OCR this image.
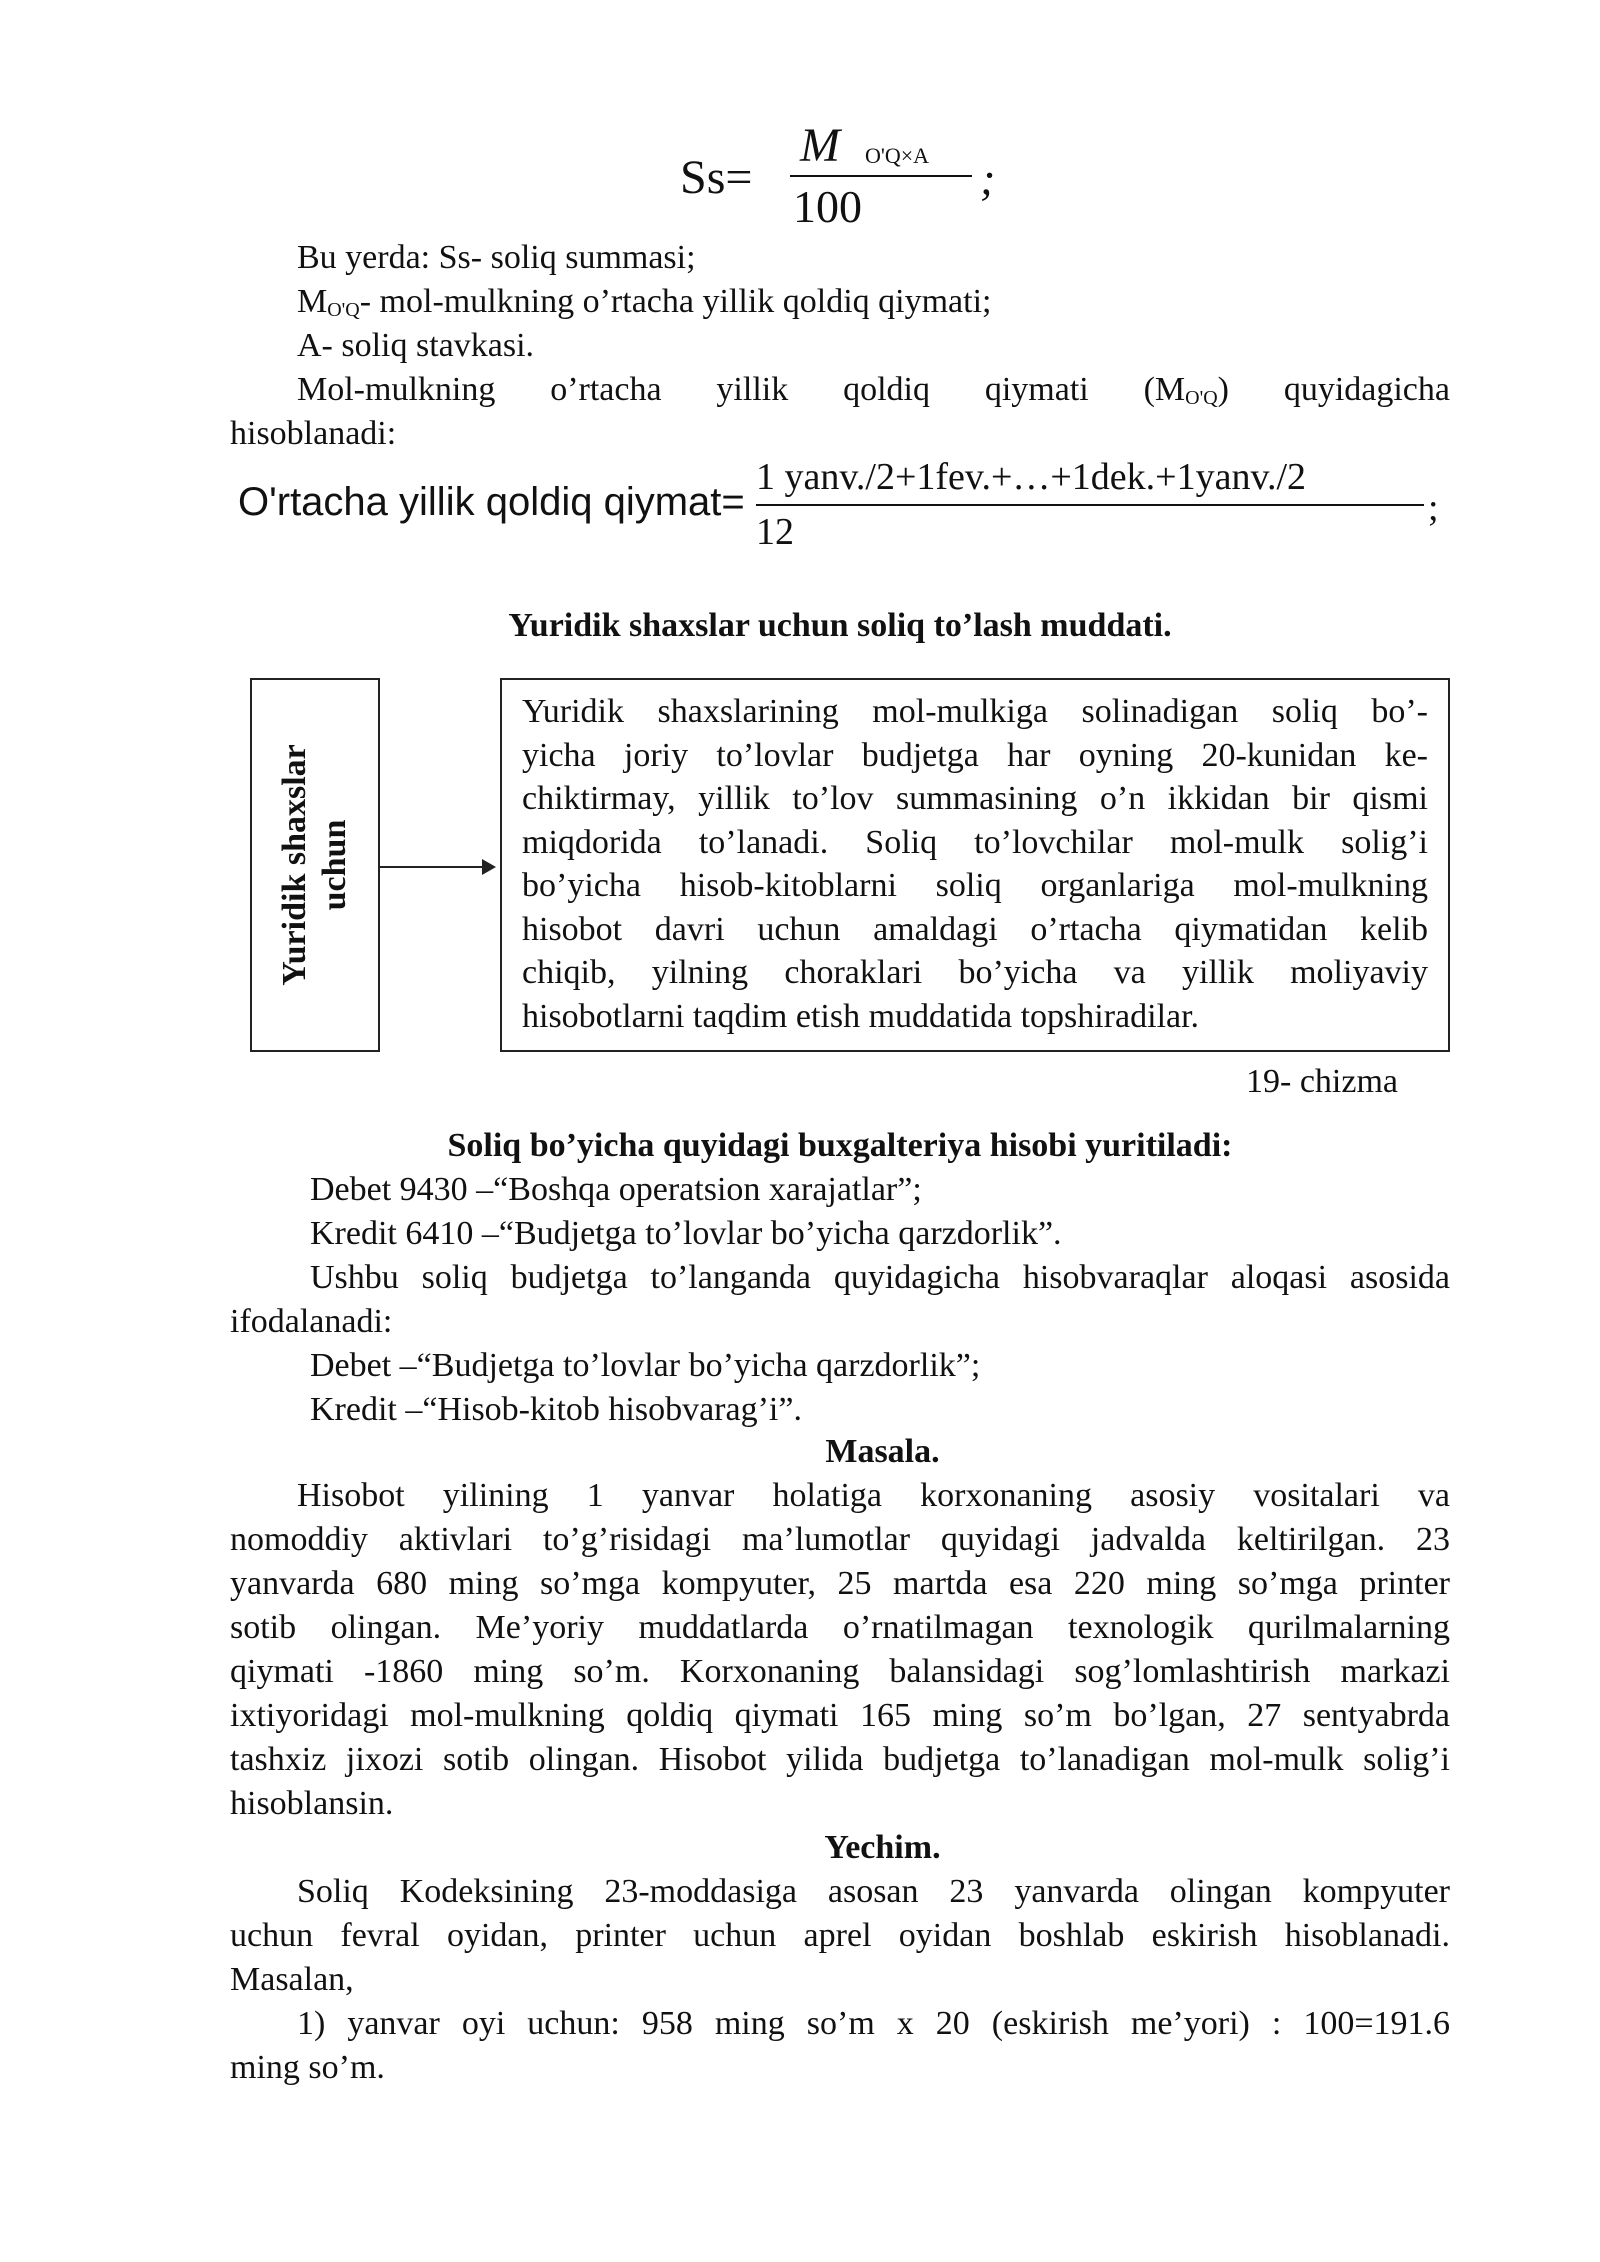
Ss=
M O'Q×A
100
;
Bu yerda: Ss- soliq summasi;
$M_{O'Q}-$ mol-mulkning o’rtacha yillik qoldiq qiymati;
A- soliq stavkasi.
Mol-mulkning o’rtacha yillik qoldiq qiymati $(M_{O'Q})$ quyidagicha
hisoblanadi:
O'rtacha yillik qoldiq qiymat=
1 yanv./2+1fev.+…+1dek.+1yanv./2
12
;
Yuridik shaxslar uchun soliq to’lash muddati.
Yuridik shaxslar uchun
Yuridik shaxslarining mol-mulkiga solinadigan soliq bo’-
yicha joriy to’lovlar budjetga har oyning 20-kunidan ke-
chiktirmay, yillik to’lov summasining o’n ikkidan bir qismi
miqdorida to’lanadi. Soliq to’lovchilar mol-mulk solig’i
bo’yicha hisob-kitoblarni soliq organlariga mol-mulkning
hisobot davri uchun amaldagi o’rtacha qiymatidan kelib
chiqib, yilning choraklari bo’yicha va yillik moliyaviy
hisobotlarni taqdim etish muddatida topshiradilar.
19- chizma
Soliq bo’yicha quyidagi buxgalteriya hisobi yuritiladi:
Debet 9430 –“Boshqa operatsion xarajatlar”;
Kredit 6410 –“Budjetga to’lovlar bo’yicha qarzdorlik”.
Ushbu soliq budjetga to’langanda quyidagicha hisobvaraqlar aloqasi asosida
ifodalanadi:
Debet –“Budjetga to’lovlar bo’yicha qarzdorlik”;
Kredit –“Hisob-kitob hisobvarag’i”.
Masala.
Hisobot yilining 1 yanvar holatiga korxonaning asosiy vositalari va
nomoddiy aktivlari to’g’risidagi ma’lumotlar quyidagi jadvalda keltirilgan. 23
yanvarda 680 ming so’mga kompyuter, 25 martda esa 220 ming so’mga printer
sotib olingan. Me’yoriy muddatlarda o’rnatilmagan texnologik qurilmalarning
qiymati -1860 ming so’m. Korxonaning balansidagi sog’lomlashtirish markazi
ixtiyoridagi mol-mulkning qoldiq qiymati 165 ming so’m bo’lgan, 27 sentyabrda
tashxiz jixozi sotib olingan. Hisobot yilida budjetga to’lanadigan mol-mulk solig’i
hisoblansin.
Yechim.
Soliq Kodeksining 23-moddasiga asosan 23 yanvarda olingan kompyuter
uchun fevral oyidan, printer uchun aprel oyidan boshlab eskirish hisoblanadi.
Masalan,
1) yanvar oyi uchun: 958 ming so’m x 20 (eskirish me’yori) : 100=191.6
ming so’m.
